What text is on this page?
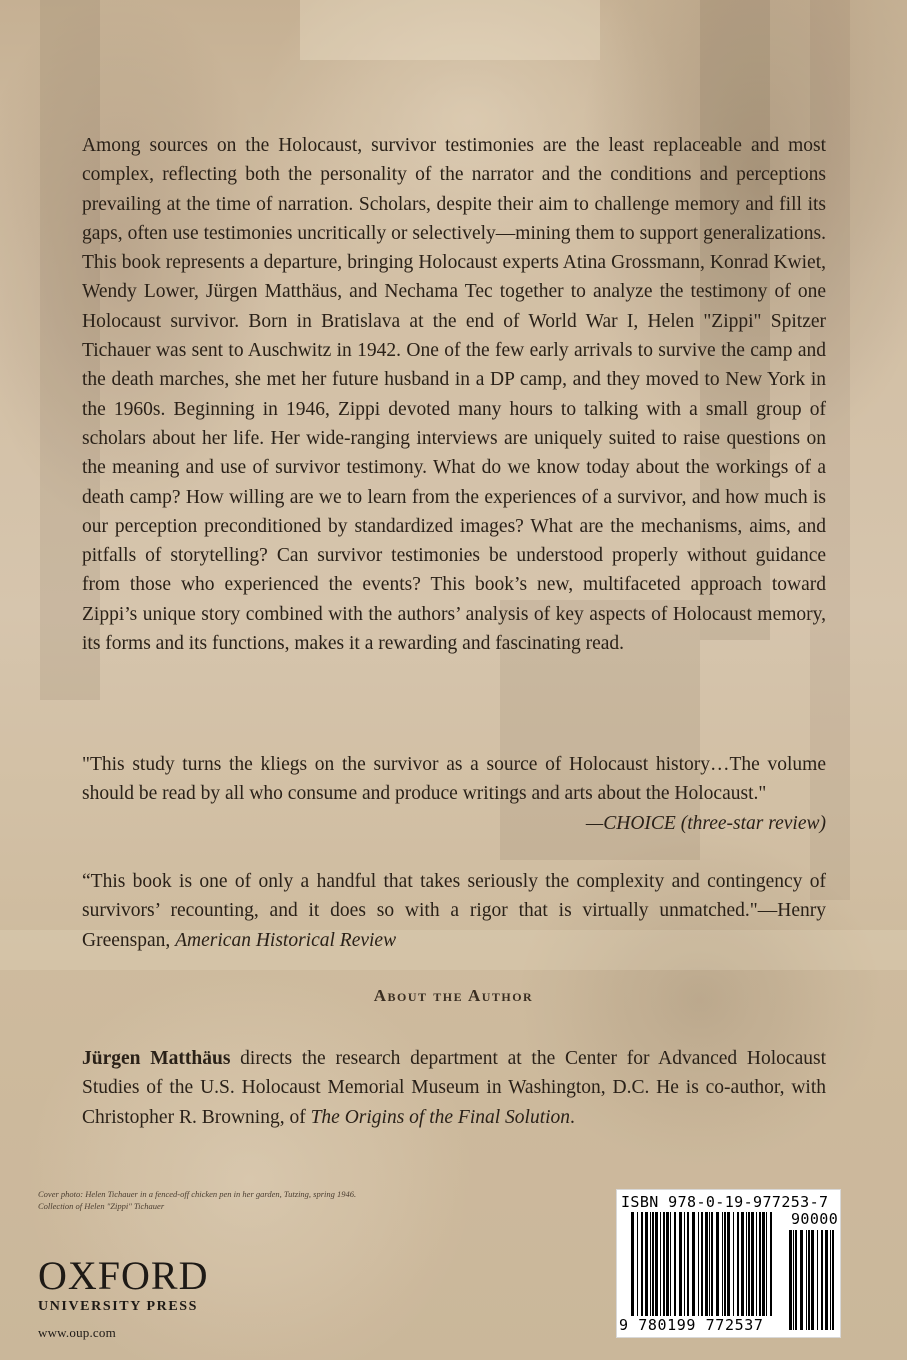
Among sources on the Holocaust, survivor testimonies are the least replaceable and most complex, reflecting both the personality of the narrator and the conditions and perceptions prevailing at the time of narration. Scholars, despite their aim to challenge memory and fill its gaps, often use testimonies uncritically or selectively—mining them to support generalizations. This book represents a departure, bringing Holocaust experts Atina Grossmann, Konrad Kwiet, Wendy Lower, Jürgen Matthäus, and Nechama Tec together to analyze the testimony of one Holocaust survivor. Born in Bratislava at the end of World War I, Helen "Zippi" Spitzer Tichauer was sent to Auschwitz in 1942. One of the few early arrivals to survive the camp and the death marches, she met her future husband in a DP camp, and they moved to New York in the 1960s. Beginning in 1946, Zippi devoted many hours to talking with a small group of scholars about her life. Her wide-ranging interviews are uniquely suited to raise questions on the meaning and use of survivor testimony. What do we know today about the workings of a death camp? How willing are we to learn from the experiences of a survivor, and how much is our perception preconditioned by standardized images? What are the mechanisms, aims, and pitfalls of storytelling? Can survivor testimonies be understood properly without guidance from those who experienced the events? This book’s new, multifaceted approach toward Zippi’s unique story combined with the authors’ analysis of key aspects of Holocaust memory, its forms and its functions, makes it a rewarding and fascinating read.

"This study turns the kliegs on the survivor as a source of Holocaust history…The volume should be read by all who consume and produce writings and arts about the Holocaust."
—CHOICE (three-star review)

“This book is one of only a handful that takes seriously the complexity and contingency of survivors’ recounting, and it does so with a rigor that is virtually unmatched."—Henry Greenspan, American Historical Review

About the Author

Jürgen Matthäus directs the research department at the Center for Advanced Holocaust Studies of the U.S. Holocaust Memorial Museum in Washington, D.C. He is co-author, with Christopher R. Browning, of The Origins of the Final Solution.

Cover photo: Helen Tichauer in a fenced-off chicken pen in her garden, Tutzing, spring 1946.
Collection of Helen "Zippi" Tichauer
OXFORD
UNIVERSITY PRESS
www.oup.com
ISBN 978-0-19-977253-7
90000
9 780199 772537
